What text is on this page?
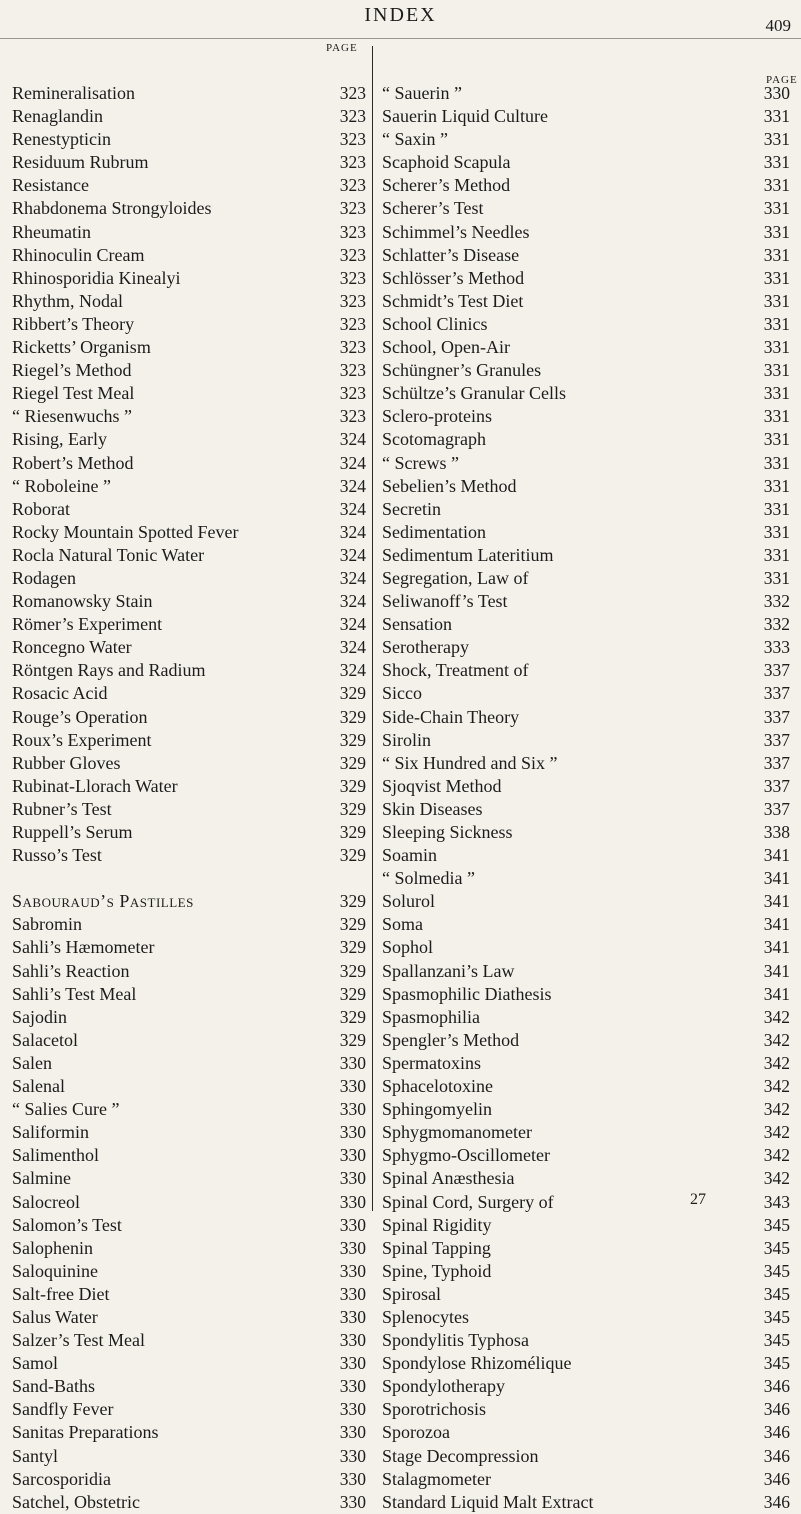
INDEX	409
PAGE
PAGE
Remineralisation	323
Renaglandin	323
Renestypticin	323
Residuum Rubrum	323
Resistance	323
Rhabdonema Strongyloides	323
Rheumatin	323
Rhinoculin Cream	323
Rhinosporidia Kinealyi	323
Rhythm, Nodal	323
Ribbert’s Theory	323
Ricketts’ Organism	323
Riegel’s Method	323
Riegel Test Meal	323
“ Riesenwuchs ”	323
Rising, Early	324
Robert’s Method	324
“ Roboleine ”	324
Roborat	324
Rocky Mountain Spotted Fever	324
Rocla Natural Tonic Water	324
Rodagen	324
Romanowsky Stain	324
Römer’s Experiment	324
Roncegno Water	324
Röntgen Rays and Radium	324
Rosacic Acid	329
Rouge’s Operation	329
Roux’s Experiment	329
Rubber Gloves	329
Rubinat-Llorach Water	329
Rubner’s Test	329
Ruppell’s Serum	329
Russo’s Test	329
Sabouraud’s Pastilles	329
Sabromin	329
Sahli’s Hæmometer	329
Sahli’s Reaction	329
Sahli’s Test Meal	329
Sajodin	329
Salacetol	329
Salen	330
Salenal	330
“ Salies Cure ”	330
Saliformin	330
Salimenthol	330
Salmine	330
Salocreol	330
Salomon’s Test	330
Salophenin	330
Saloquinine	330
Salt-free Diet	330
Salus Water	330
Salzer’s Test Meal	330
Samol	330
Sand-Baths	330
Sandfly Fever	330
Sanitas Preparations	330
Santyl	330
Sarcosporidia	330
Satchel, Obstetric	330
“ Sauerin ”	330
Sauerin Liquid Culture	331
“ Saxin ”	331
Scaphoid Scapula	331
Scherer’s Method	331
Scherer’s Test	331
Schimmel’s Needles	331
Schlatter’s Disease	331
Schlösser’s Method	331
Schmidt’s Test Diet	331
School Clinics	331
School, Open-Air	331
Schüngner’s Granules	331
Schültze’s Granular Cells	331
Sclero-proteins	331
Scotomagraph	331
“ Screws ”	331
Sebelien’s Method	331
Secretin	331
Sedimentation	331
Sedimentum Lateritium	331
Segregation, Law of	331
Seliwanoff’s Test	332
Sensation	332
Serotherapy	333
Shock, Treatment of	337
Sicco	337
Side-Chain Theory	337
Sirolin	337
“ Six Hundred and Six ”	337
Sjoqvist Method	337
Skin Diseases	337
Sleeping Sickness	338
Soamin	341
“ Solmedia ”	341
Solurol	341
Soma	341
Sophol	341
Spallanzani’s Law	341
Spasmophilic Diathesis	341
Spasmophilia	342
Spengler’s Method	342
Spermatoxins	342
Sphacelotoxine	342
Sphingomyelin	342
Sphygmomanometer	342
Sphygmo-Oscillometer	342
Spinal Anæsthesia	342
Spinal Cord, Surgery of	343
Spinal Rigidity	345
Spinal Tapping	345
Spine, Typhoid	345
Spirosal	345
Splenocytes	345
Spondylitis Typhosa	345
Spondylose Rhizomélique	345
Spondylotherapy	346
Sporotrichosis	346
Sporozoa	346
Stage Decompression	346
Stalagmometer	346
Standard Liquid Malt Extract	346
27
